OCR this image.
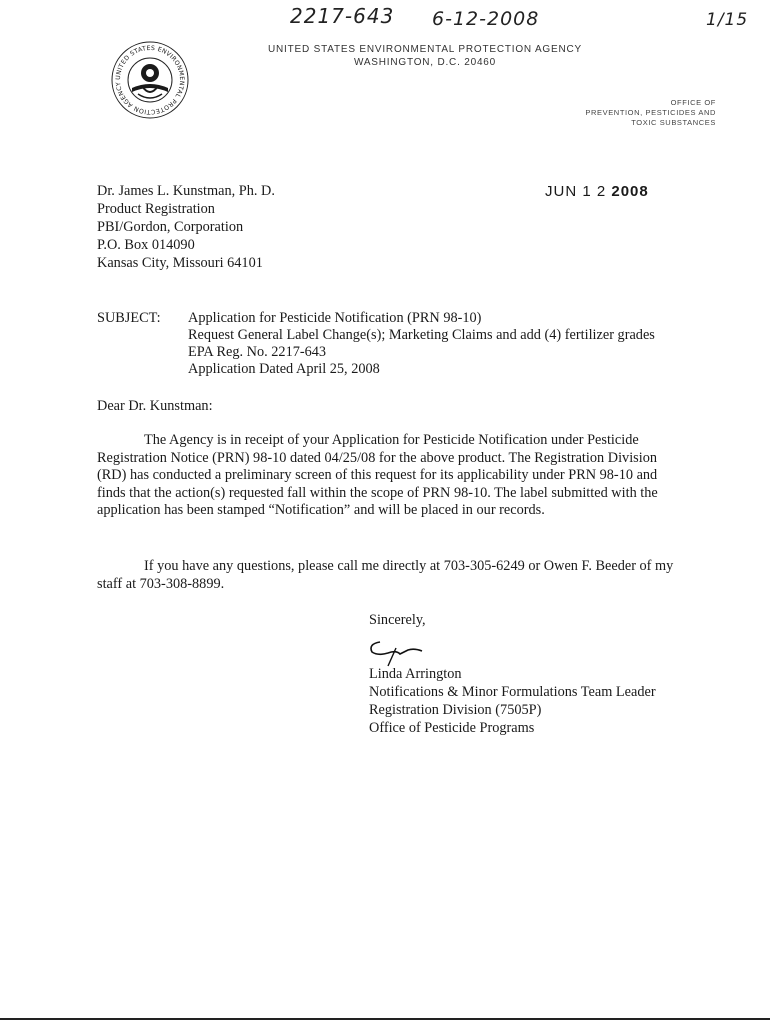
2217-643 6-12-2008	1/15
UNITED STATES ENVIRONMENTAL PROTECTION AGENCY
UNITED STATES ENVIRONMENTAL PROTECTION AGENCY
WASHINGTON, D.C. 20460
OFFICE OF
PREVENTION, PESTICIDES AND
TOXIC SUBSTANCES
JUN 1 2 2008
Dr. James L. Kunstman, Ph. D.
Product Registration
PBI/Gordon, Corporation
P.O. Box 014090
Kansas City, Missouri 64101
SUBJECT: Application for Pesticide Notification (PRN 98-10)
Request General Label Change(s); Marketing Claims and add (4) fertilizer grades
EPA Reg. No. 2217-643
Application Dated April 25, 2008
Dear Dr. Kunstman:
The Agency is in receipt of your Application for Pesticide Notification under Pesticide Registration Notice (PRN) 98-10 dated 04/25/08 for the above product. The Registration Division (RD) has conducted a preliminary screen of this request for its applicability under PRN 98-10 and finds that the action(s) requested fall within the scope of PRN 98-10. The label submitted with the application has been stamped “Notification” and will be placed in our records.
If you have any questions, please call me directly at 703-305-6249 or Owen F. Beeder of my staff at 703-308-8899.
Sincerely,
Linda Arrington
Notifications & Minor Formulations Team Leader
Registration Division (7505P)
Office of Pesticide Programs
